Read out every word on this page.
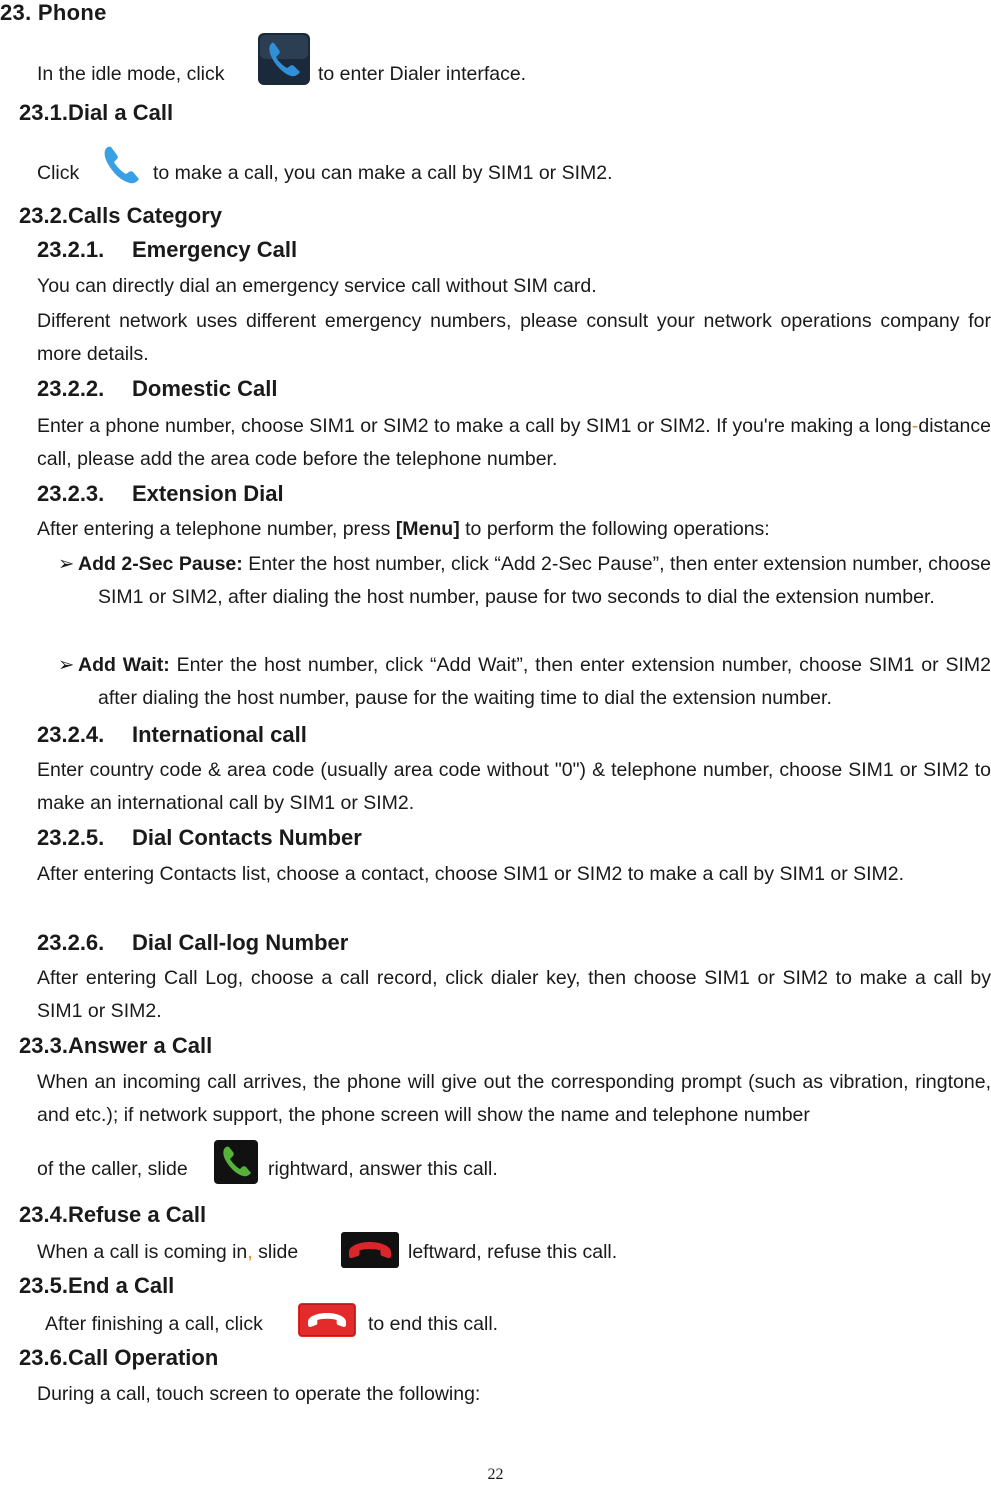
23. Phone
In the idle mode, click	to enter Dialer interface.
23.1.Dial a Call
Click	to make a call, you can make a call by SIM1 or SIM2.
23.2.Calls Category
23.2.1. Emergency Call
You can directly dial an emergency service call without SIM card.
Different network uses different emergency numbers, please consult your network operations company for more details.
23.2.2. Domestic Call
Enter a phone number, choose SIM1 or SIM2 to make a call by SIM1 or SIM2. If you're making a long-distance call, please add the area code before the telephone number.
23.2.3. Extension Dial
After entering a telephone number, press [Menu] to perform the following operations:
➢ Add 2-Sec Pause: Enter the host number, click “Add 2-Sec Pause”, then enter extension number, choose SIM1 or SIM2, after dialing the host number, pause for two seconds to dial the extension number.
➢ Add Wait: Enter the host number, click “Add Wait”, then enter extension number, choose SIM1 or SIM2 after dialing the host number, pause for the waiting time to dial the extension number.
23.2.4. International call
Enter country code & area code (usually area code without "0") & telephone number, choose SIM1 or SIM2 to make an international call by SIM1 or SIM2.
23.2.5. Dial Contacts Number
After entering Contacts list, choose a contact, choose SIM1 or SIM2 to make a call by SIM1 or SIM2.
23.2.6. Dial Call-log Number
After entering Call Log, choose a call record, click dialer key, then choose SIM1 or SIM2 to make a call by SIM1 or SIM2.
23.3.Answer a Call
When an incoming call arrives, the phone will give out the corresponding prompt (such as vibration, ringtone, and etc.); if network support, the phone screen will show the name and telephone number
of the caller, slide	rightward, answer this call.
23.4.Refuse a Call
When a call is coming in, slide	leftward, refuse this call.
23.5.End a Call
After finishing a call, click	to end this call.
23.6.Call Operation
During a call, touch screen to operate the following:
22
